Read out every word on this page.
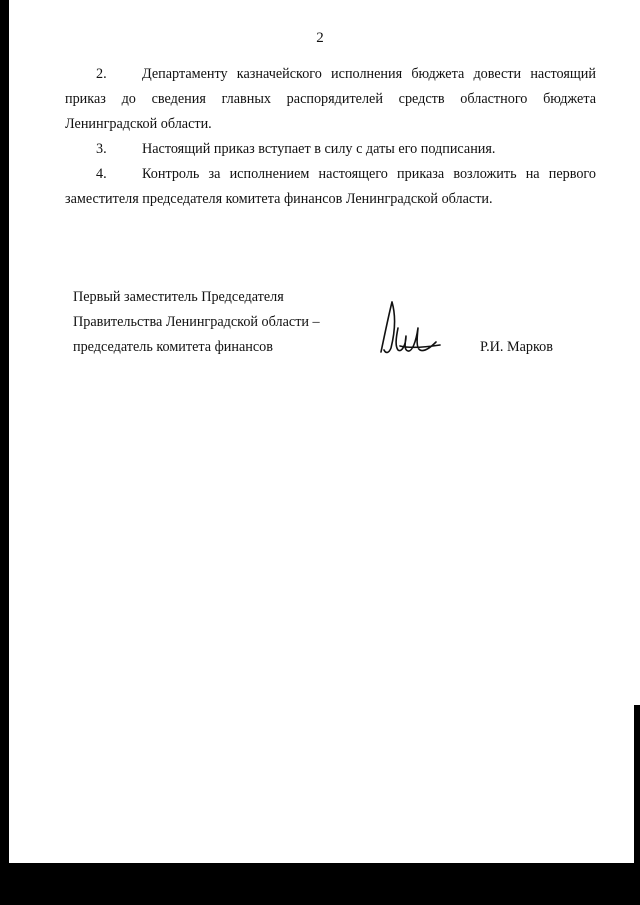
2

2. Департаменту казначейского исполнения бюджета довести настоящий приказ до сведения главных распорядителей средств областного бюджета Ленинградской области.

3. Настоящий приказ вступает в силу с даты его подписания.

4. Контроль за исполнением настоящего приказа возложить на первого заместителя председателя комитета финансов Ленинградской области.

Первый заместитель Председателя
Правительства Ленинградской области –
председатель комитета финансов	Р.И. Марков
